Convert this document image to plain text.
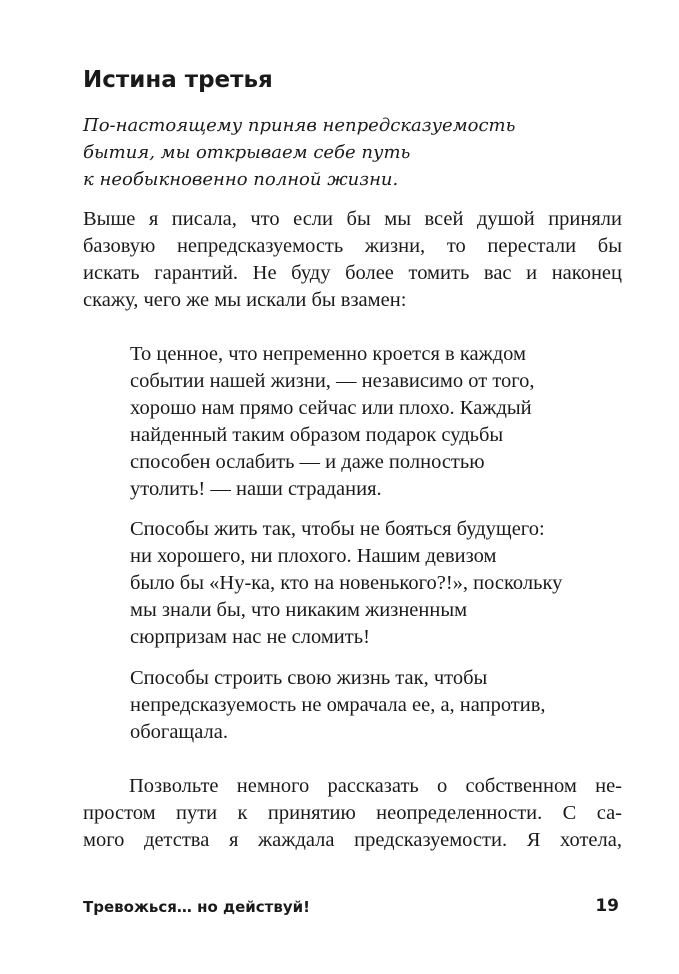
Истина третья
По-настоящему приняв непредсказуемость
бытия, мы открываем себе путь
к необыкновенно полной жизни.
Выше я писала, что если бы мы всей душой приняли
базовую непредсказуемость жизни, то перестали бы
искать гарантий. Не буду более томить вас и наконец
скажу, чего же мы искали бы взамен:
То ценное, что непременно кроется в каждом
событии нашей жизни, — независимо от того,
хорошо нам прямо сейчас или плохо. Каждый
найденный таким образом подарок судьбы
способен ослабить — и даже полностью
утолить! — наши страдания.
Способы жить так, чтобы не бояться будущего:
ни хорошего, ни плохого. Нашим девизом
было бы «Ну-ка, кто на новенького?!», поскольку
мы знали бы, что никаким жизненным
сюрпризам нас не сломить!
Способы строить свою жизнь так, чтобы
непредсказуемость не омрачала ее, а, напротив,
обогащала.
Позвольте немного рассказать о собственном не-
простом пути к принятию неопределенности. С са-
мого детства я жаждала предсказуемости. Я хотела,
Тревожься… но действуй!	19
